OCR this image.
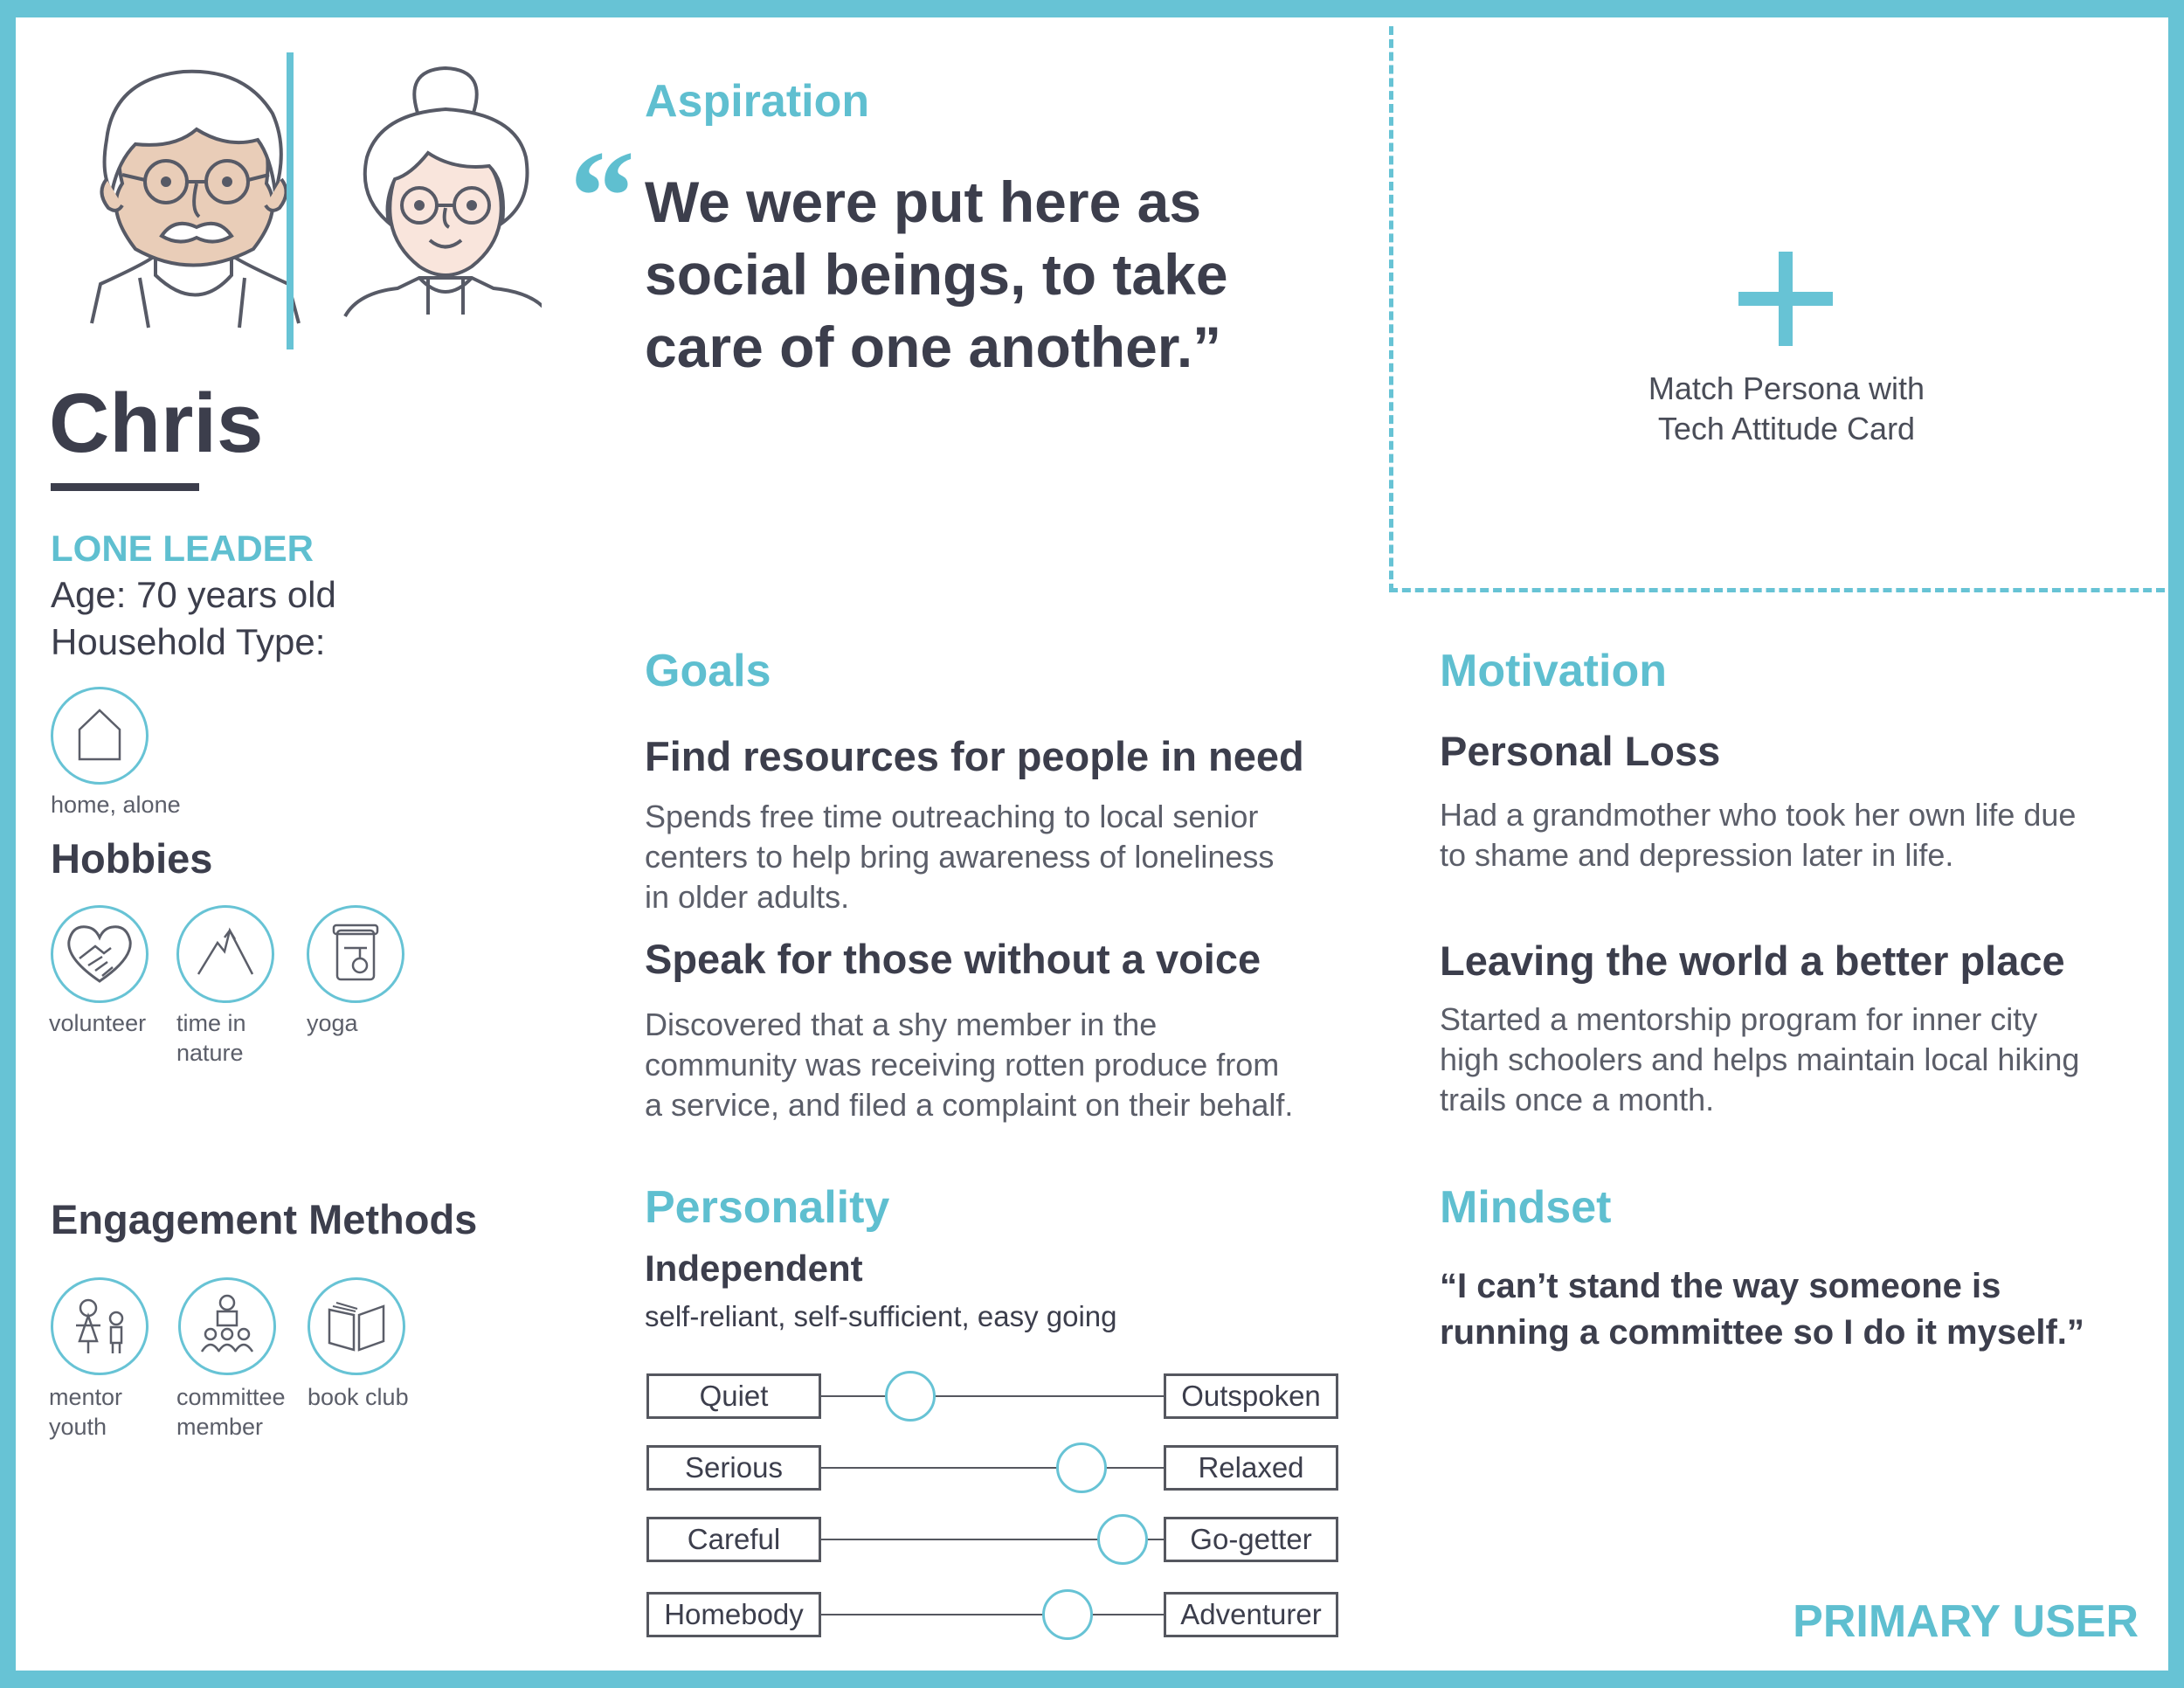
Chris
LONE LEADER
Age: 70 years old
Household Type:
home, alone
Hobbies
volunteer time in
nature
yoga
Engagement Methods
mentor
youth
committee
member
book club
Aspiration
“ We were put here as
social beings, to take
care of one another.”
Match Persona with
Tech Attitude Card
Goals
Find resources for people in need
Spends free time outreaching to local senior
centers to help bring awareness of loneliness
in older adults.
Speak for those without a voice
Discovered that a shy member in the
community was receiving rotten produce from
a service, and filed a complaint on their behalf.
Motivation
Personal Loss
Had a grandmother who took her own life due
to shame and depression later in life.
Leaving the world a better place
Started a mentorship program for inner city
high schoolers and helps maintain local hiking
trails once a month.
Personality
Independent
self-reliant, self-sufficient, easy going
Quiet	Outspoken
Serious	Relaxed
Careful	Go-getter
Homebody	Adventurer
Mindset
“I can’t stand the way someone is
running a committee so I do it myself.”
PRIMARY USER
